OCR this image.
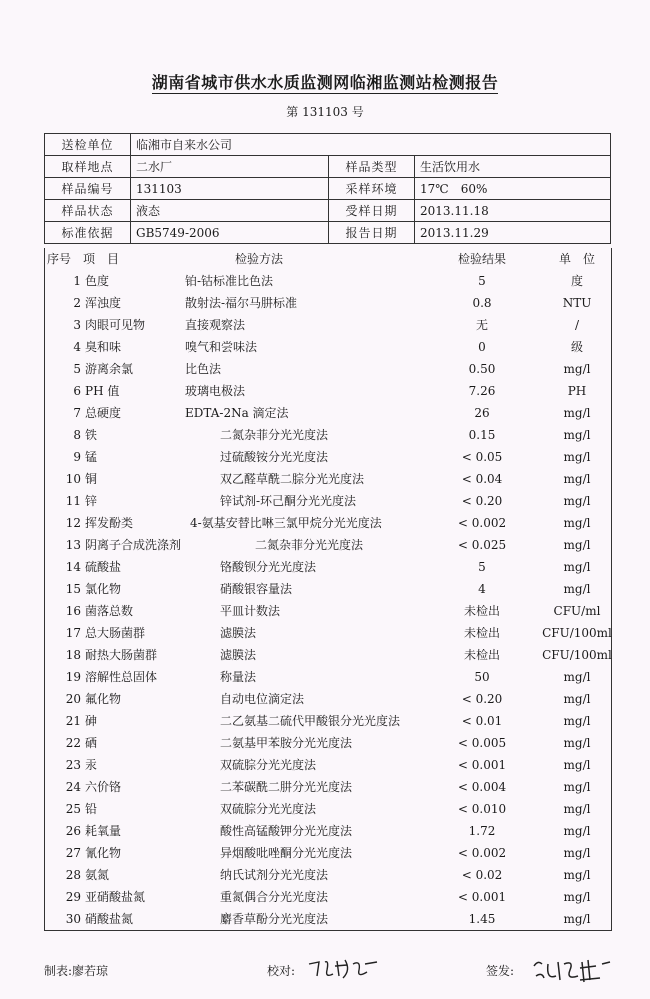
湖南省城市供水水质监测网临湘监测站检测报告
第 131103 号
送检单位	临湘市自来水公司		
取样地点	二水厂	样品类型	生活饮用水
样品编号	131103	采样环境	17℃　60%
样品状态	液态	受样日期	2013.11.18
标准依据	GB5749-2006	报告日期	2013.11.29
序号　项　目	检验方法	检验结果	单　位
1 色度	铂-钴标准比色法	5	度
2 浑浊度	散射法-福尔马肼标准	0.8	NTU
3 肉眼可见物	直接观察法	无	/
4 臭和味	嗅气和尝味法	0	级
5 游离余氯	比色法	0.50	mg/l
6 PH 值	玻璃电极法	7.26	PH
7 总硬度	EDTA-2Na 滴定法	26	mg/l
8 铁	二氮杂菲分光光度法	0.15	mg/l
9 锰	过硫酸铵分光光度法	< 0.05	mg/l
10 铜	双乙醛草酰二腙分光光度法	< 0.04	mg/l
11 锌	锌试剂-环己酮分光光度法	< 0.20	mg/l
12 挥发酚类	4-氨基安替比啉三氯甲烷分光光度法	< 0.002	mg/l
13 阴离子合成洗涤剂	二氮杂菲分光光度法	< 0.025	mg/l
14 硫酸盐	铬酸钡分光光度法	5	mg/l
15 氯化物	硝酸银容量法	4	mg/l
16 菌落总数	平皿计数法	未检出	CFU/ml
17 总大肠菌群	滤膜法	未检出	CFU/100ml
18 耐热大肠菌群	滤膜法	未检出	CFU/100ml
19 溶解性总固体	称量法	50	mg/l
20 氟化物	自动电位滴定法	< 0.20	mg/l
21 砷	二乙氨基二硫代甲酸银分光光度法	< 0.01	mg/l
22 硒	二氨基甲苯胺分光光度法	< 0.005	mg/l
23 汞	双硫腙分光光度法	< 0.001	mg/l
24 六价铬	二苯碳酰二肼分光光度法	< 0.004	mg/l
25 铅	双硫腙分光光度法	< 0.010	mg/l
26 耗氧量	酸性高锰酸钾分光光度法	1.72	mg/l
27 氰化物	异烟酸吡唑酮分光光度法	< 0.002	mg/l
28 氨氮	纳氏试剂分光光度法	< 0.02	mg/l
29 亚硝酸盐氮	重氮偶合分光光度法	< 0.001	mg/l
30 硝酸盐氮	麝香草酚分光光度法	1.45	mg/l
制表:廖若琼	校对:	签发:
